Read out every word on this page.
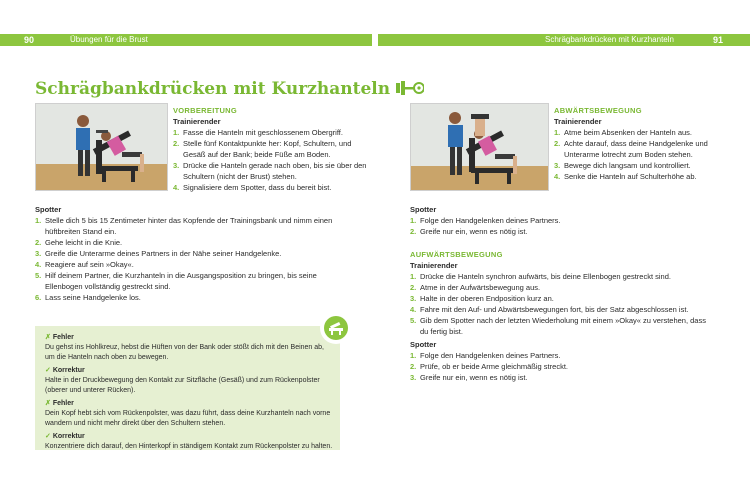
90	Übungen für die Brust	Schrägbankdrücken mit Kurzhanteln	91
Schrägbankdrücken mit Kurzhanteln
VORBEREITUNG
Trainierender
1. Fasse die Hanteln mit geschlossenem Obergriff.
2. Stelle fünf Kontaktpunkte her: Kopf, Schultern, und Gesäß auf der Bank; beide Füße am Boden.
3. Drücke die Hanteln gerade nach oben, bis sie über den Schultern (nicht der Brust) stehen.
4. Signalisiere dem Spotter, dass du bereit bist.
Spotter
1. Stelle dich 5 bis 15 Zentimeter hinter das Kopfende der Trainingsbank und nimm einen hüftbreiten Stand ein.
2. Gehe leicht in die Knie.
3. Greife die Unterarme deines Partners in der Nähe seiner Handgelenke.
4. Reagiere auf sein »Okay«.
5. Hilf deinem Partner, die Kurzhanteln in die Ausgangsposition zu bringen, bis seine Ellenbogen vollständig gestreckt sind.
6. Lass seine Handgelenke los.
✗ Fehler
Du gehst ins Hohlkreuz, hebst die Hüften von der Bank oder stößt dich mit den Beinen ab, um die Hanteln nach oben zu bewegen.
✓ Korrektur
Halte in der Druckbewegung den Kontakt zur Sitzfläche (Gesäß) und zum Rückenpolster (oberer und unterer Rücken).
✗ Fehler
Dein Kopf hebt sich vom Rückenpolster, was dazu führt, dass deine Kurzhanteln nach vorne wandern und nicht mehr direkt über den Schultern stehen.
✓ Korrektur
Konzentriere dich darauf, den Hinterkopf in ständigem Kontakt zum Rückenpolster zu halten.
ABWÄRTSBEWEGUNG
Trainierender
1. Atme beim Absenken der Hanteln aus.
2. Achte darauf, dass deine Handgelenke und Unterarme lotrecht zum Boden stehen.
3. Bewege dich langsam und kontrolliert.
4. Senke die Hanteln auf Schulterhöhe ab.
Spotter
1. Folge den Handgelenken deines Partners.
2. Greife nur ein, wenn es nötig ist.
AUFWÄRTSBEWEGUNG
Trainierender
1. Drücke die Hanteln synchron aufwärts, bis deine Ellenbogen gestreckt sind.
2. Atme in der Aufwärtsbewegung aus.
3. Halte in der oberen Endposition kurz an.
4. Fahre mit den Auf- und Abwärtsbewegungen fort, bis der Satz abgeschlossen ist.
5. Gib dem Spotter nach der letzten Wiederholung mit einem »Okay« zu verstehen, dass du fertig bist.
Spotter
1. Folge den Handgelenken deines Partners.
2. Prüfe, ob er beide Arme gleichmäßig streckt.
3. Greife nur ein, wenn es nötig ist.
